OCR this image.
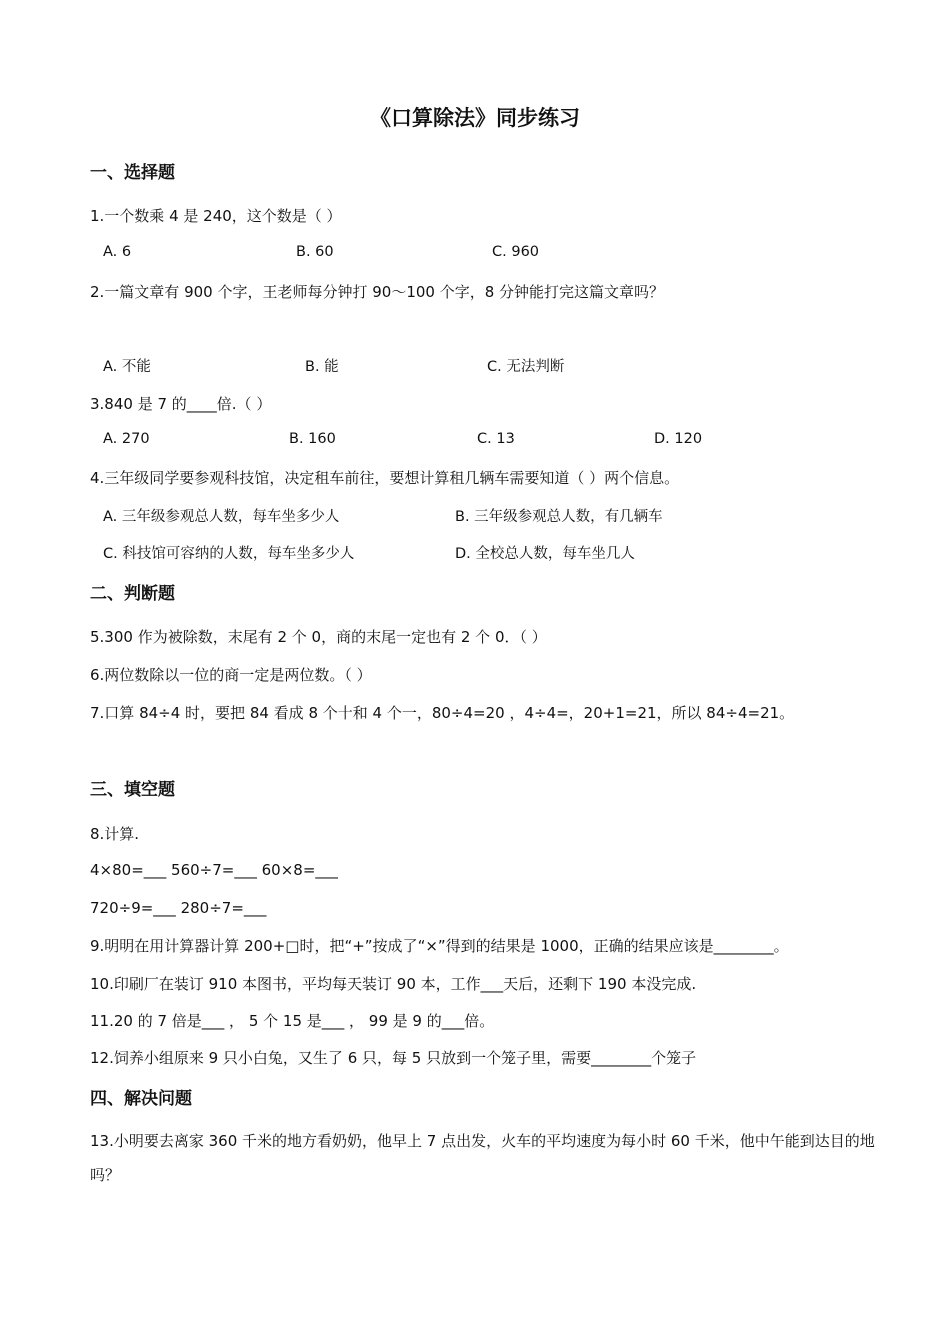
《口算除法》同步练习
一、选择题
1.一个数乘 4 是 240，这个数是（ ）
A. 6	B. 60	C. 960
2.一篇文章有 900 个字，王老师每分钟打 90～100 个字，8 分钟能打完这篇文章吗？
A. 不能	B. 能	C. 无法判断
3.840 是 7 的____倍.（ ）
A. 270	B. 160	C. 13	D. 120
4.三年级同学要参观科技馆，决定租车前往，要想计算租几辆车需要知道（ ）两个信息。
A. 三年级参观总人数，每车坐多少人	B. 三年级参观总人数，有几辆车
C. 科技馆可容纳的人数，每车坐多少人	D. 全校总人数，每车坐几人
二、判断题
5.300 作为被除数，末尾有 2 个 0，商的末尾一定也有 2 个 0．（ ）
6.两位数除以一位的商一定是两位数。（ ）
7.口算 84÷4 时，要把 84 看成 8 个十和 4 个一，80÷4=20 ，4÷4=，20+1=21，所以 84÷4=21。
三、填空题
8.计算.
4×80=___ 560÷7=___ 60×8=___
720÷9=___ 280÷7=___
9.明明在用计算器计算 200+□时，把“+”按成了“×”得到的结果是 1000，正确的结果应该是________。
10.印刷厂在装订 910 本图书，平均每天装订 90 本，工作___天后，还剩下 190 本没完成.
11.20 的 7 倍是___ ， 5 个 15 是___ ， 99 是 9 的___倍。
12.饲养小组原来 9 只小白兔，又生了 6 只，每 5 只放到一个笼子里，需要________个笼子
四、解决问题
13.小明要去离家 360 千米的地方看奶奶，他早上 7 点出发，火车的平均速度为每小时 60 千米，他中午能到达目的地吗？
